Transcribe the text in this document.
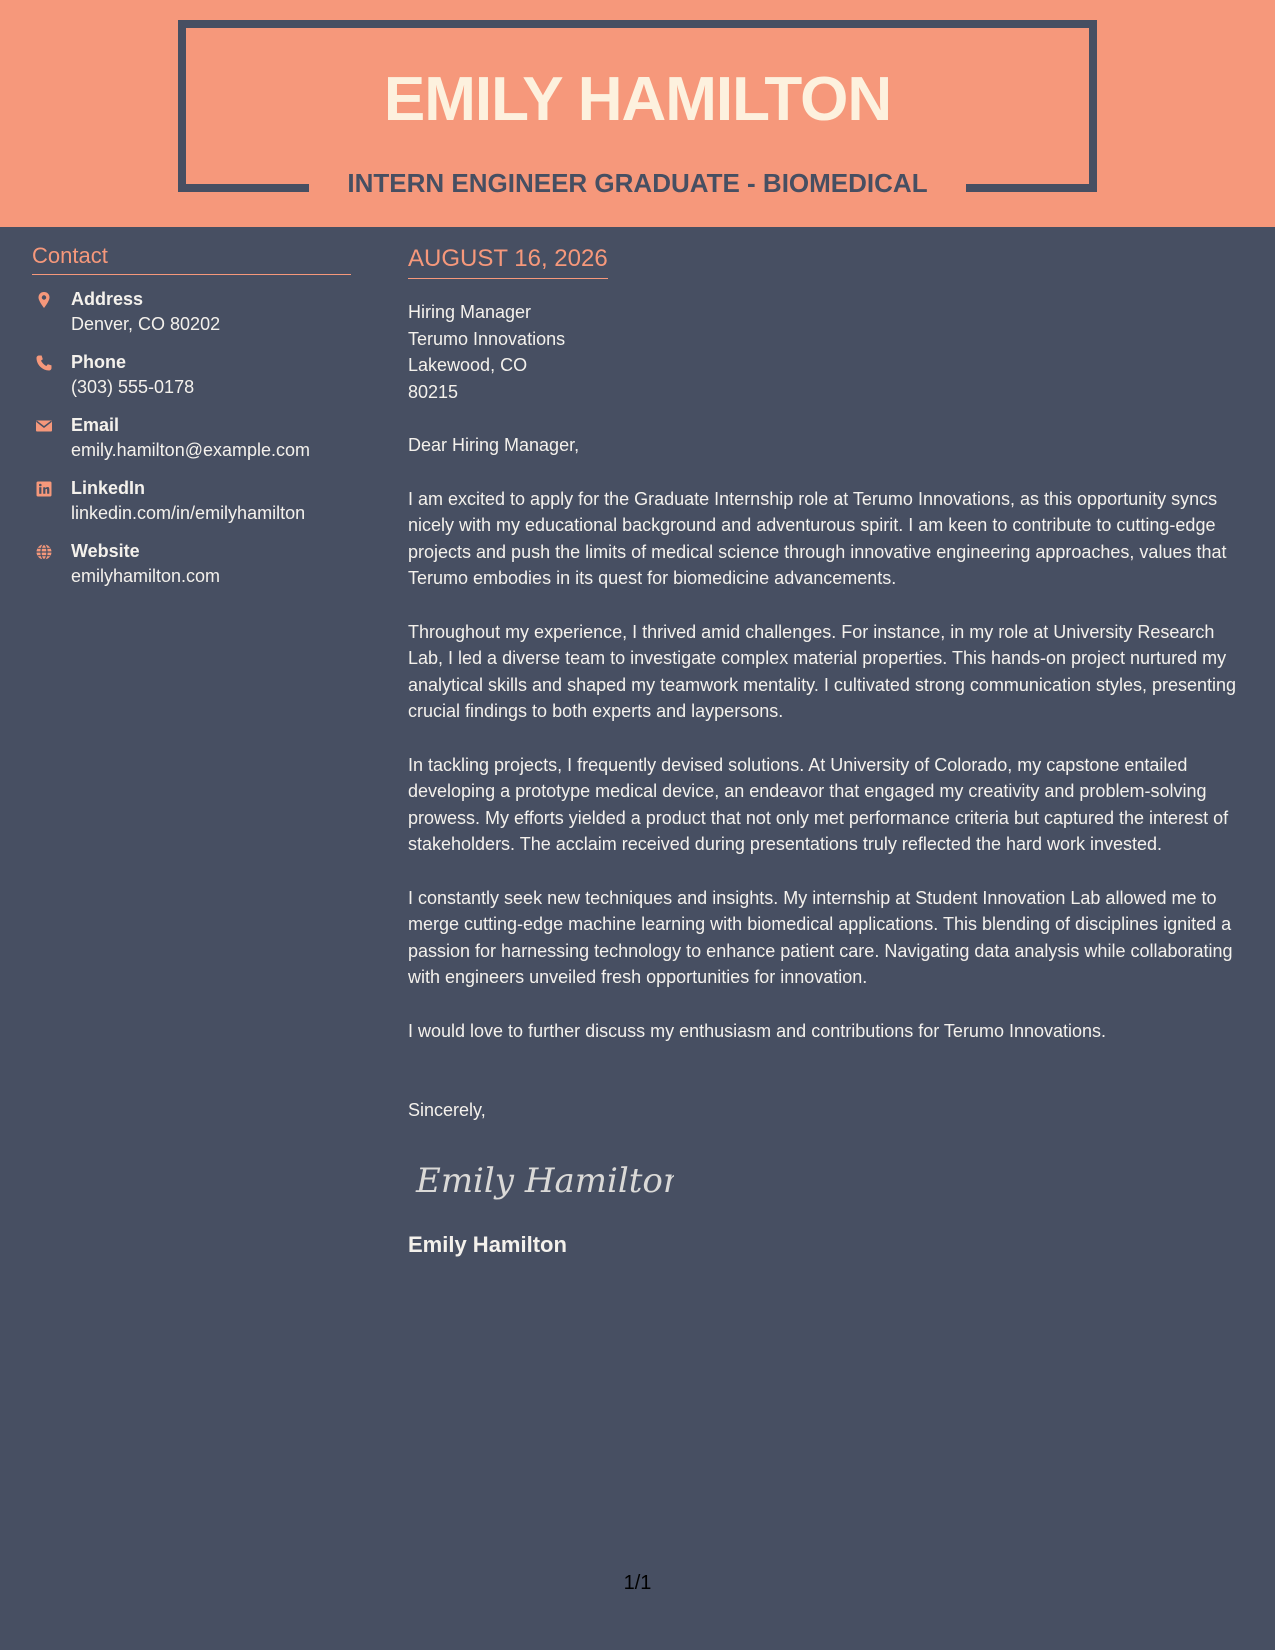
EMILY HAMILTON
INTERN ENGINEER GRADUATE - BIOMEDICAL
Contact
Address
Denver, CO 80202
Phone
(303) 555-0178
Email
emily.hamilton@example.com
LinkedIn
linkedin.com/in/emilyhamilton
Website
emilyhamilton.com
AUGUST 16, 2026
Hiring Manager
Terumo Innovations
Lakewood, CO
80215
Dear Hiring Manager,
I am excited to apply for the Graduate Internship role at Terumo Innovations, as this opportunity syncs nicely with my educational background and adventurous spirit. I am keen to contribute to cutting-edge projects and push the limits of medical science through innovative engineering approaches, values that Terumo embodies in its quest for biomedicine advancements.
Throughout my experience, I thrived amid challenges. For instance, in my role at University Research Lab, I led a diverse team to investigate complex material properties. This hands-on project nurtured my analytical skills and shaped my teamwork mentality. I cultivated strong communication styles, presenting crucial findings to both experts and laypersons.
In tackling projects, I frequently devised solutions. At University of Colorado, my capstone entailed developing a prototype medical device, an endeavor that engaged my creativity and problem-solving prowess. My efforts yielded a product that not only met performance criteria but captured the interest of stakeholders. The acclaim received during presentations truly reflected the hard work invested.
I constantly seek new techniques and insights. My internship at Student Innovation Lab allowed me to merge cutting-edge machine learning with biomedical applications. This blending of disciplines ignited a passion for harnessing technology to enhance patient care. Navigating data analysis while collaborating with engineers unveiled fresh opportunities for innovation.
I would love to further discuss my enthusiasm and contributions for Terumo Innovations.
Sincerely,
Emily Hamilton
Emily Hamilton
1/1
